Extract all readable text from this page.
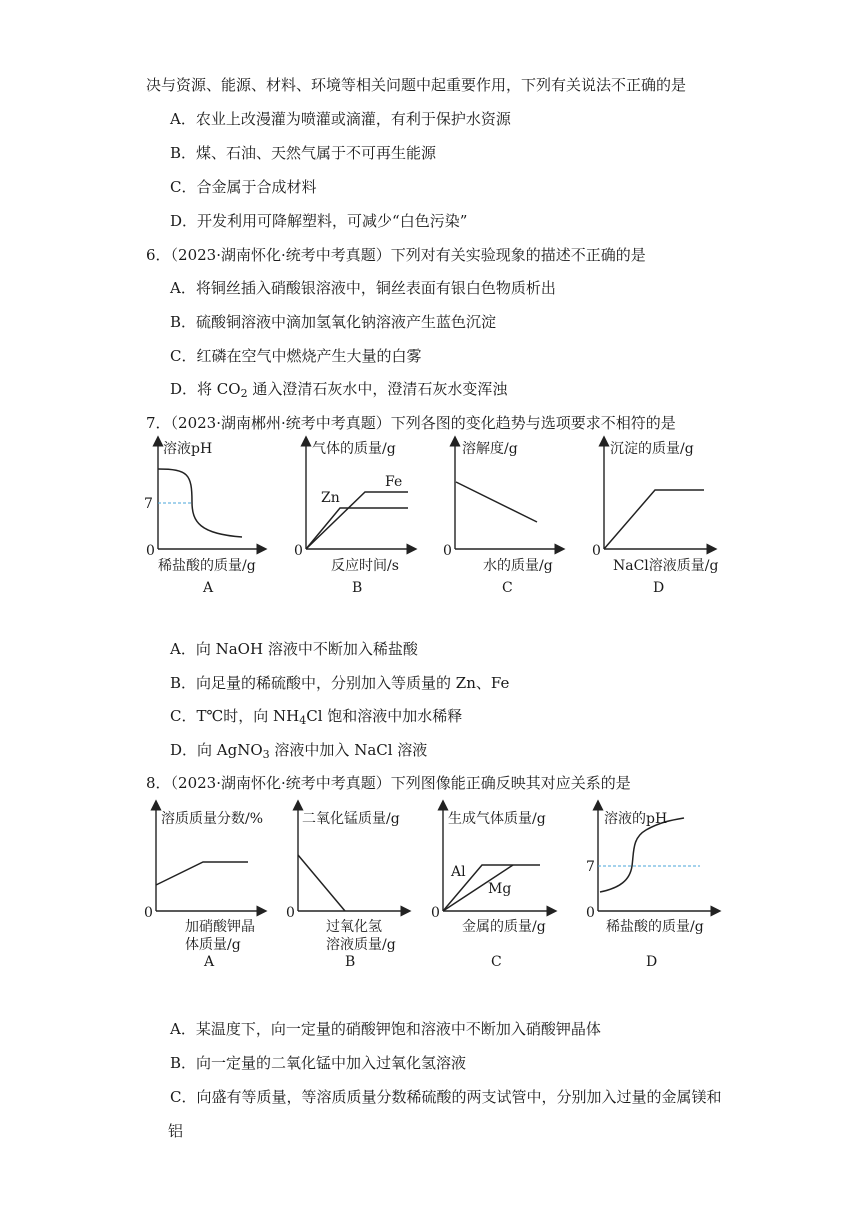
决与资源、能源、材料、环境等相关问题中起重要作用，下列有关说法不正确的是
A．农业上改漫灌为喷灌或滴灌，有利于保护水资源
B．煤、石油、天然气属于不可再生能源
C．合金属于合成材料
D．开发利用可降解塑料，可减少“白色污染”
6．（2023·湖南怀化·统考中考真题）下列对有关实验现象的描述不正确的是
A．将铜丝插入硝酸银溶液中，铜丝表面有银白色物质析出
B．硫酸铜溶液中滴加氢氧化钠溶液产生蓝色沉淀
C．红磷在空气中燃烧产生大量的白雾
D．将 $CO_2$ 通入澄清石灰水中，澄清石灰水变浑浊
7．（2023·湖南郴州·统考中考真题）下列各图的变化趋势与选项要求不相符的是
溶液pH
7
0
稀盐酸的质量/g
A
气体的质量/g
Zn
Fe
0
反应时间/s
B
溶解度/g
0
水的质量/g
C
沉淀的质量/g
0
NaCl溶液质量/g
D
溶质质量分数/%
0
加硝酸钾晶
体质量/g
A
二氧化锰质量/g
0
过氧化氢
溶液质量/g
B
生成气体质量/g
Al
Mg
0
金属的质量/g
C
溶液的pH
7
0
稀盐酸的质量/g
D
A．向 NaOH 溶液中不断加入稀盐酸
B．向足量的稀硫酸中，分别加入等质量的 Zn、Fe
C．T℃时，向 $NH_4Cl$ 饱和溶液中加水稀释
D．向 AgNO$_3$ 溶液中加入 NaCl 溶液
8．（2023·湖南怀化·统考中考真题）下列图像能正确反映其对应关系的是
A．某温度下，向一定量的硝酸钾饱和溶液中不断加入硝酸钾晶体
B．向一定量的二氧化锰中加入过氧化氢溶液
C．向盛有等质量，等溶质质量分数稀硫酸的两支试管中，分别加入过量的金属镁和
铝
